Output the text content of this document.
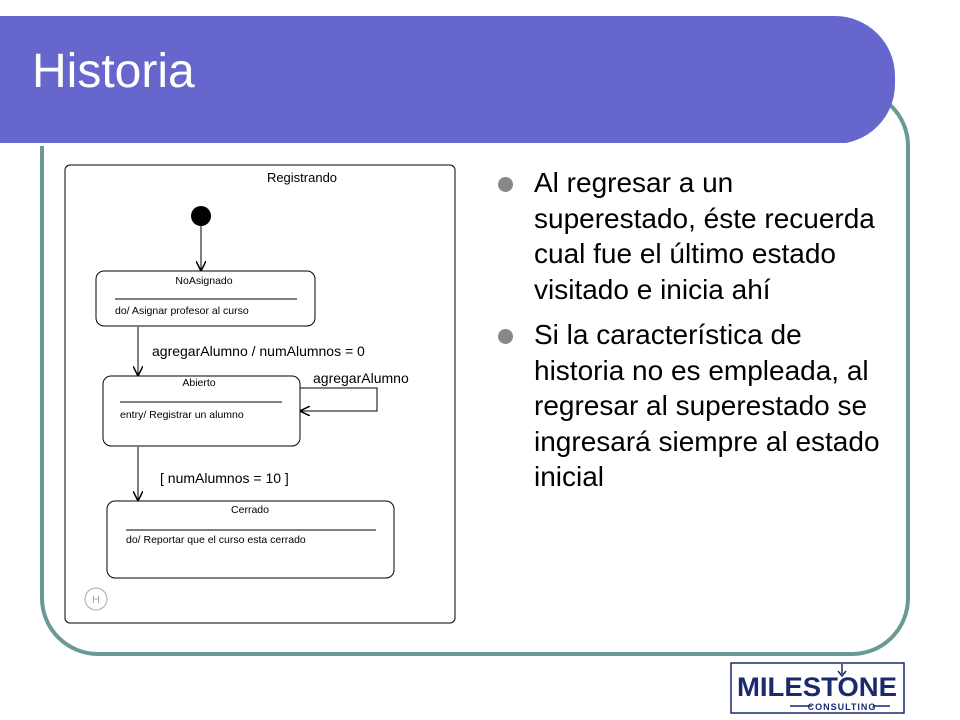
Historia
Registrando
NoAsignado
do/ Asignar profesor al curso
agregarAlumno / numAlumnos = 0
Abierto
entry/ Registrar un alumno
agregarAlumno
[ numAlumnos = 10 ]
Cerrado
do/ Reportar que el curso esta cerrado
H
Al regresar a un superestado, éste recuerda cual fue el último estado visitado e inicia ahí
Si la característica de historia no es empleada, al regresar al superestado se ingresará siempre al estado inicial
MILESTONE
CONSULTING
